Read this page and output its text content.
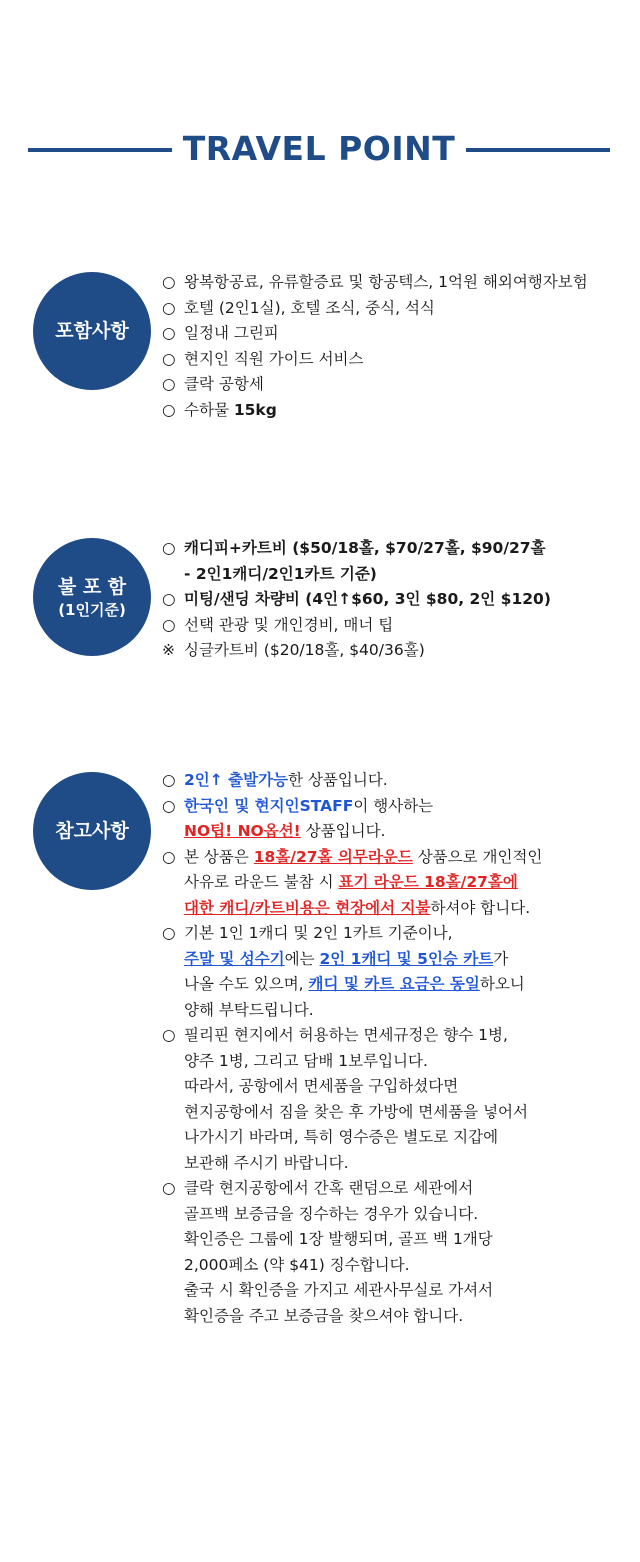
TRAVEL POINT
포함사항
○ 왕복항공료, 유류할증료 및 항공텍스, 1억원 해외여행자보험
○ 호텔 (2인1실), 호텔 조식, 중식, 석식
○ 일정내 그린피
○ 현지인 직원 가이드 서비스
○ 클락 공항세
○ 수하물 15kg
불 포 함
(1인기준)
○ 캐디피+카트비 ($50/18홀, $70/27홀, $90/27홀
- 2인1캐디/2인1카트 기준)
○ 미팅/샌딩 차량비 (4인↑$60, 3인 $80, 2인 $120)
○ 선택 관광 및 개인경비, 매너 팁
※ 싱글카트비 ($20/18홀, $40/36홀)
참고사항
○ 2인↑ 출발가능한 상품입니다.
○ 한국인 및 현지인STAFF이 행사하는
NO팁! NO옵션! 상품입니다.
○ 본 상품은 18홀/27홀 의무라운드 상품으로 개인적인
사유로 라운드 불참 시 표기 라운드 18홀/27홀에
대한 캐디/카트비용은 현장에서 지불하셔야 합니다.
○ 기본 1인 1캐디 및 2인 1카트 기준이나,
주말 및 성수기에는 2인 1캐디 및 5인승 카트가
나올 수도 있으며, 캐디 및 카트 요금은 동일하오니
양해 부탁드립니다.
○ 필리핀 현지에서 허용하는 면세규정은 향수 1병,
양주 1병, 그리고 담배 1보루입니다.
따라서, 공항에서 면세품을 구입하셨다면
현지공항에서 짐을 찾은 후 가방에 면세품을 넣어서
나가시기 바라며, 특히 영수증은 별도로 지갑에
보관해 주시기 바랍니다.
○ 클락 현지공항에서 간혹 랜덤으로 세관에서
골프백 보증금을 징수하는 경우가 있습니다.
확인증은 그룹에 1장 발행되며, 골프 백 1개당
2,000페소 (약 $41) 징수합니다.
출국 시 확인증을 가지고 세관사무실로 가셔서
확인증을 주고 보증금을 찾으셔야 합니다.
